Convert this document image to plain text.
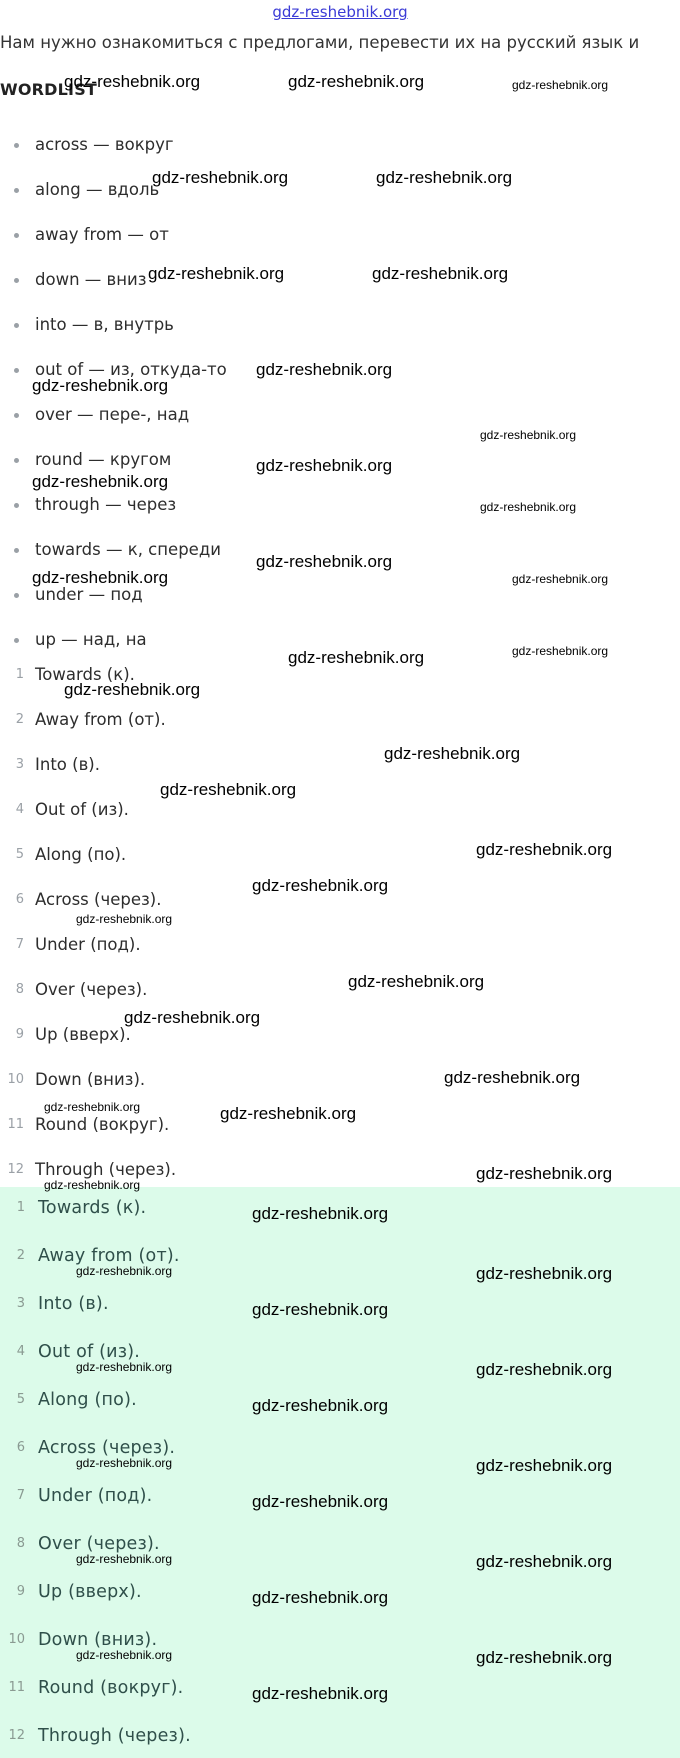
gdz-reshebnik.org
Нам нужно ознакомиться с предлогами, перевести их на русский язык и
WORDLIST
across — вокруг
along — вдоль
away from — от
down — вниз
into — в, внутрь
out of — из, откуда-то
over — пере-, над
round — кругом
through — через
towards — к, спереди
under — под
up — над, на
1 Towards (к).
2 Away from (от).
3 Into (в).
4 Out of (из).
5 Along (по).
6 Across (через).
7 Under (под).
8 Over (через).
9 Up (вверх).
10 Down (вниз).
11 Round (вокруг).
12 Through (через).
1 Towards (к).
2 Away from (от).
3 Into (в).
4 Out of (из).
5 Along (по).
6 Across (через).
7 Under (под).
8 Over (через).
9 Up (вверх).
10 Down (вниз).
11 Round (вокруг).
12 Through (через).
gdz-reshebnik.org	gdz-reshebnik.org	gdz-reshebnik.org
gdz-reshebnik.org	gdz-reshebnik.org
gdz-reshebnik.org	gdz-reshebnik.org
gdz-reshebnik.org
gdz-reshebnik.org
gdz-reshebnik.org
gdz-reshebnik.org
gdz-reshebnik.org
gdz-reshebnik.org
gdz-reshebnik.org
gdz-reshebnik.org	gdz-reshebnik.org
gdz-reshebnik.org	gdz-reshebnik.org
gdz-reshebnik.org
gdz-reshebnik.org
gdz-reshebnik.org
gdz-reshebnik.org
gdz-reshebnik.org
gdz-reshebnik.org
gdz-reshebnik.org
gdz-reshebnik.org
gdz-reshebnik.org
gdz-reshebnik.org
gdz-reshebnik.org
gdz-reshebnik.org
gdz-reshebnik.org
gdz-reshebnik.org
gdz-reshebnik.org
gdz-reshebnik.org
gdz-reshebnik.org
gdz-reshebnik.org
gdz-reshebnik.org
gdz-reshebnik.org
gdz-reshebnik.org
gdz-reshebnik.org
gdz-reshebnik.org
gdz-reshebnik.org
gdz-reshebnik.org
gdz-reshebnik.org
gdz-reshebnik.org
gdz-reshebnik.org
gdz-reshebnik.org
